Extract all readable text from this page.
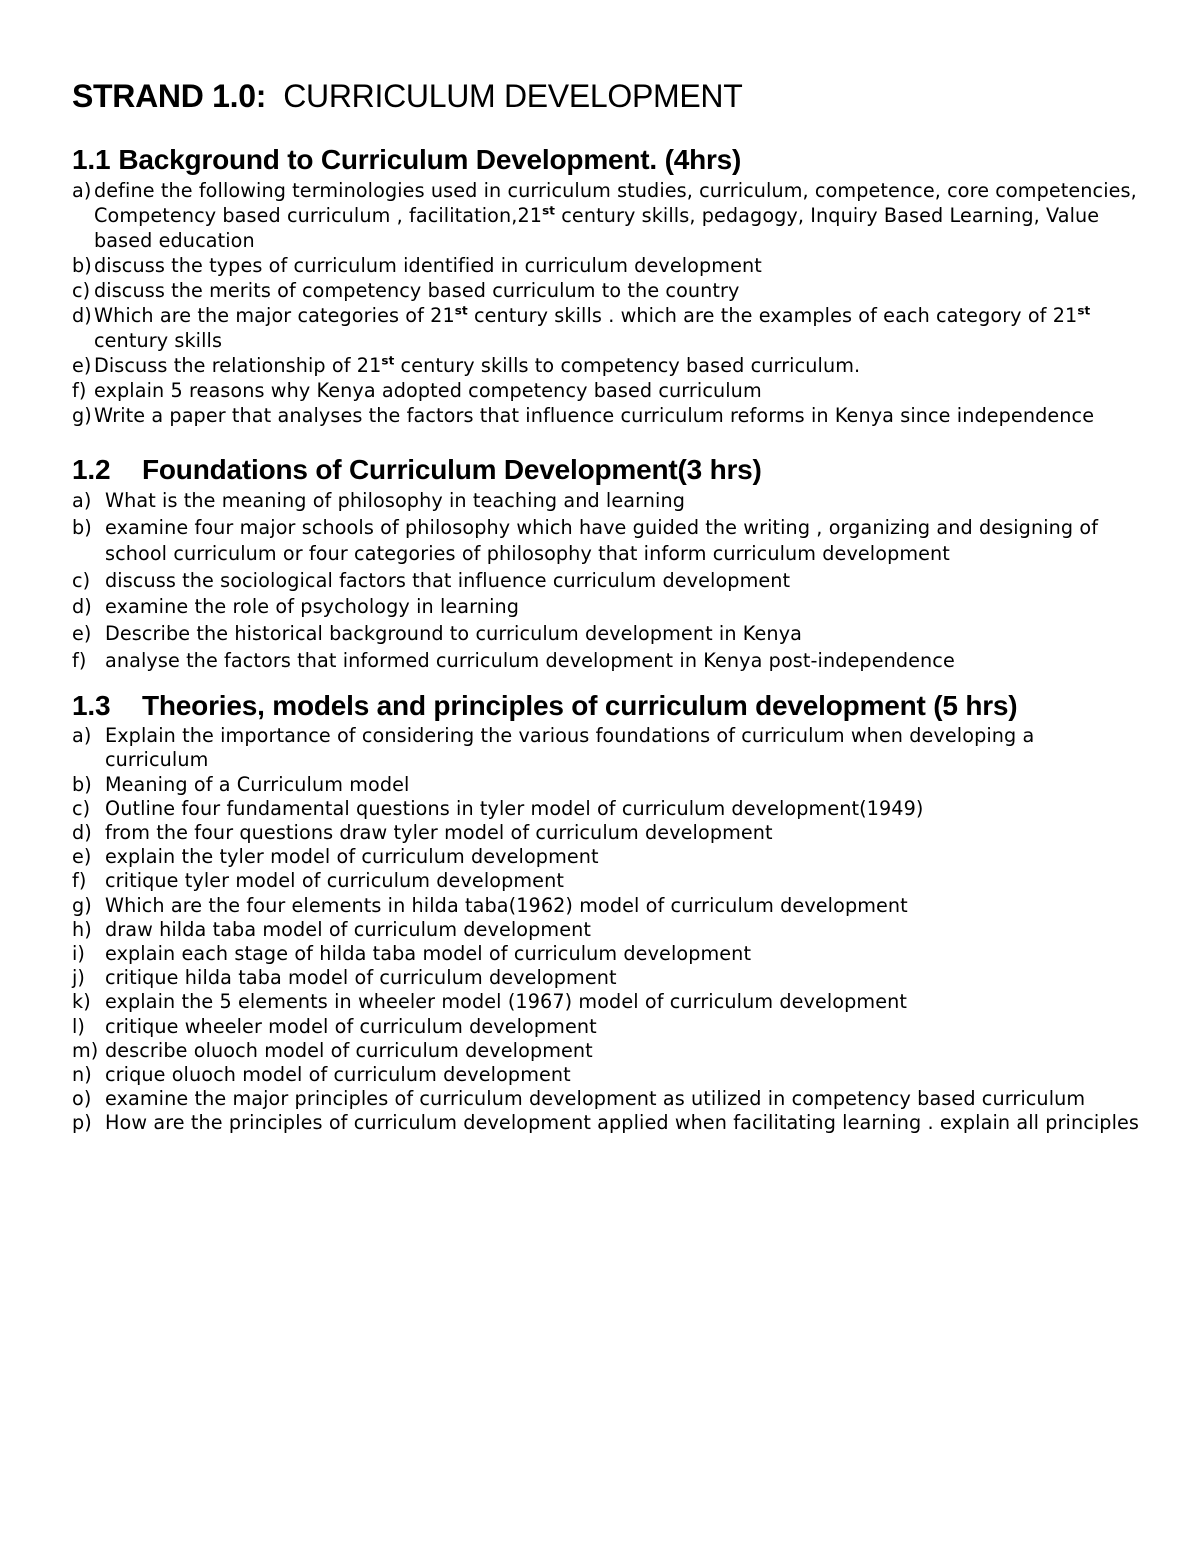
STRAND 1.0: CURRICULUM DEVELOPMENT
1.1 Background to Curriculum Development. (4hrs)
a) define the following terminologies used in curriculum studies, curriculum, competence, core competencies, Competency based curriculum , facilitation,21st century skills, pedagogy, Inquiry Based Learning, Value based education
b) discuss the types of curriculum identified in curriculum development
c) discuss the merits of competency based curriculum to the country
d) Which are the major categories of 21st century skills . which are the examples of each category of 21st century skills
e) Discuss the relationship of 21st century skills to competency based curriculum.
f) explain 5 reasons why Kenya adopted competency based curriculum
g) Write a paper that analyses the factors that influence curriculum reforms in Kenya since independence
1.2 Foundations of Curriculum Development(3 hrs)
a) What is the meaning of philosophy in teaching and learning
b) examine four major schools of philosophy which have guided the writing , organizing and designing of school curriculum or four categories of philosophy that inform curriculum development
c) discuss the sociological factors that influence curriculum development
d) examine the role of psychology in learning
e) Describe the historical background to curriculum development in Kenya
f) analyse the factors that informed curriculum development in Kenya post-independence
1.3 Theories, models and principles of curriculum development (5 hrs)
a) Explain the importance of considering the various foundations of curriculum when developing a curriculum
b) Meaning of a Curriculum model
c) Outline four fundamental questions in tyler model of curriculum development(1949)
d) from the four questions draw tyler model of curriculum development
e) explain the tyler model of curriculum development
f) critique tyler model of curriculum development
g) Which are the four elements in hilda taba(1962) model of curriculum development
h) draw hilda taba model of curriculum development
i) explain each stage of hilda taba model of curriculum development
j) critique hilda taba model of curriculum development
k) explain the 5 elements in wheeler model (1967) model of curriculum development
l) critique wheeler model of curriculum development
m) describe oluoch model of curriculum development
n) crique oluoch model of curriculum development
o) examine the major principles of curriculum development as utilized in competency based curriculum
p) How are the principles of curriculum development applied when facilitating learning . explain all principles
